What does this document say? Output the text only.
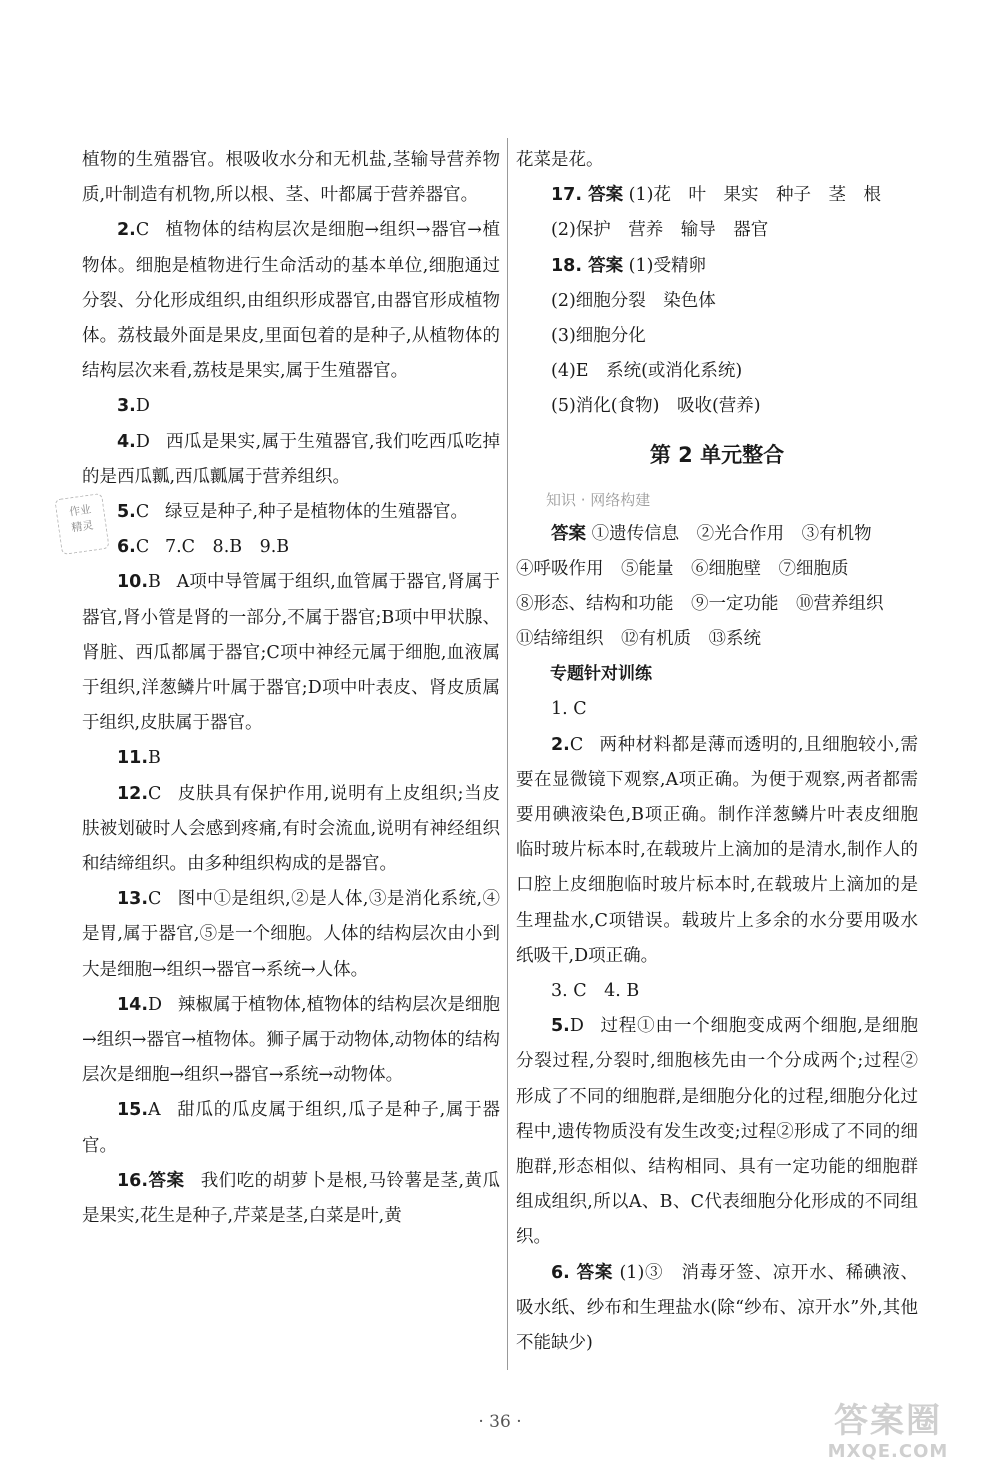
作业
精灵

植物的生殖器官。根吸收水分和无机盐,茎输导营养物质,叶制造有机物,所以根、茎、叶都属于营养器官。

2.C 植物体的结构层次是细胞→组织→器官→植物体。细胞是植物进行生命活动的基本单位,细胞通过分裂、分化形成组织,由组织形成器官,由器官形成植物体。荔枝最外面是果皮,里面包着的是种子,从植物体的结构层次来看,荔枝是果实,属于生殖器官。

3.D

4.D 西瓜是果实,属于生殖器官,我们吃西瓜吃掉的是西瓜瓤,西瓜瓤属于营养组织。

5.C 绿豆是种子,种子是植物体的生殖器官。

6.C 7.C　8.B　9.B

10.B A项中导管属于组织,血管属于器官,肾属于器官,肾小管是肾的一部分,不属于器官;B项中甲状腺、肾脏、西瓜都属于器官;C项中神经元属于细胞,血液属于组织,洋葱鳞片叶属于器官;D项中叶表皮、肾皮质属于组织,皮肤属于器官。

11.B

12.C 皮肤具有保护作用,说明有上皮组织;当皮肤被划破时人会感到疼痛,有时会流血,说明有神经组织和结缔组织。由多种组织构成的是器官。

13.C 图中①是组织,②是人体,③是消化系统,④是胃,属于器官,⑤是一个细胞。人体的结构层次由小到大是细胞→组织→器官→系统→人体。

14.D 辣椒属于植物体,植物体的结构层次是细胞→组织→器官→植物体。狮子属于动物体,动物体的结构层次是细胞→组织→器官→系统→动物体。

15.A 甜瓜的瓜皮属于组织,瓜子是种子,属于器官。

16.答案 我们吃的胡萝卜是根,马铃薯是茎,黄瓜是果实,花生是种子,芹菜是茎,白菜是叶,黄

花菜是花。

17. 答案 (1)花　叶　果实　种子　茎　根

(2)保护　营养　输导　器官

18. 答案 (1)受精卵

(2)细胞分裂　染色体

(3)细胞分化

(4)E　系统(或消化系统)

(5)消化(食物)　吸收(营养)

第 2 单元整合
知识 · 网络构建

答案 ①遗传信息　②光合作用　③有机物

④呼吸作用　⑤能量　⑥细胞壁　⑦细胞质

⑧形态、结构和功能　⑨一定功能　⑩营养组织

⑪结缔组织　⑫有机质　⑬系统

专题针对训练

1. C

2.C 两种材料都是薄而透明的,且细胞较小,需要在显微镜下观察,A项正确。为便于观察,两者都需要用碘液染色,B项正确。制作洋葱鳞片叶表皮细胞临时玻片标本时,在载玻片上滴加的是清水,制作人的口腔上皮细胞临时玻片标本时,在载玻片上滴加的是生理盐水,C项错误。载玻片上多余的水分要用吸水纸吸干,D项正确。

3. C　4. B

5.D 过程①由一个细胞变成两个细胞,是细胞分裂过程,分裂时,细胞核先由一个分成两个;过程②形成了不同的细胞群,是细胞分化的过程,细胞分化过程中,遗传物质没有发生改变;过程②形成了不同的细胞群,形态相似、结构相同、具有一定功能的细胞群组成组织,所以A、B、C代表细胞分化形成的不同组织。

6. 答案 (1)③　消毒牙签、凉开水、稀碘液、吸水纸、纱布和生理盐水(除“纱布、凉开水”外,其他不能缺少)

· 36 ·	答案圈
MXQE.COM
